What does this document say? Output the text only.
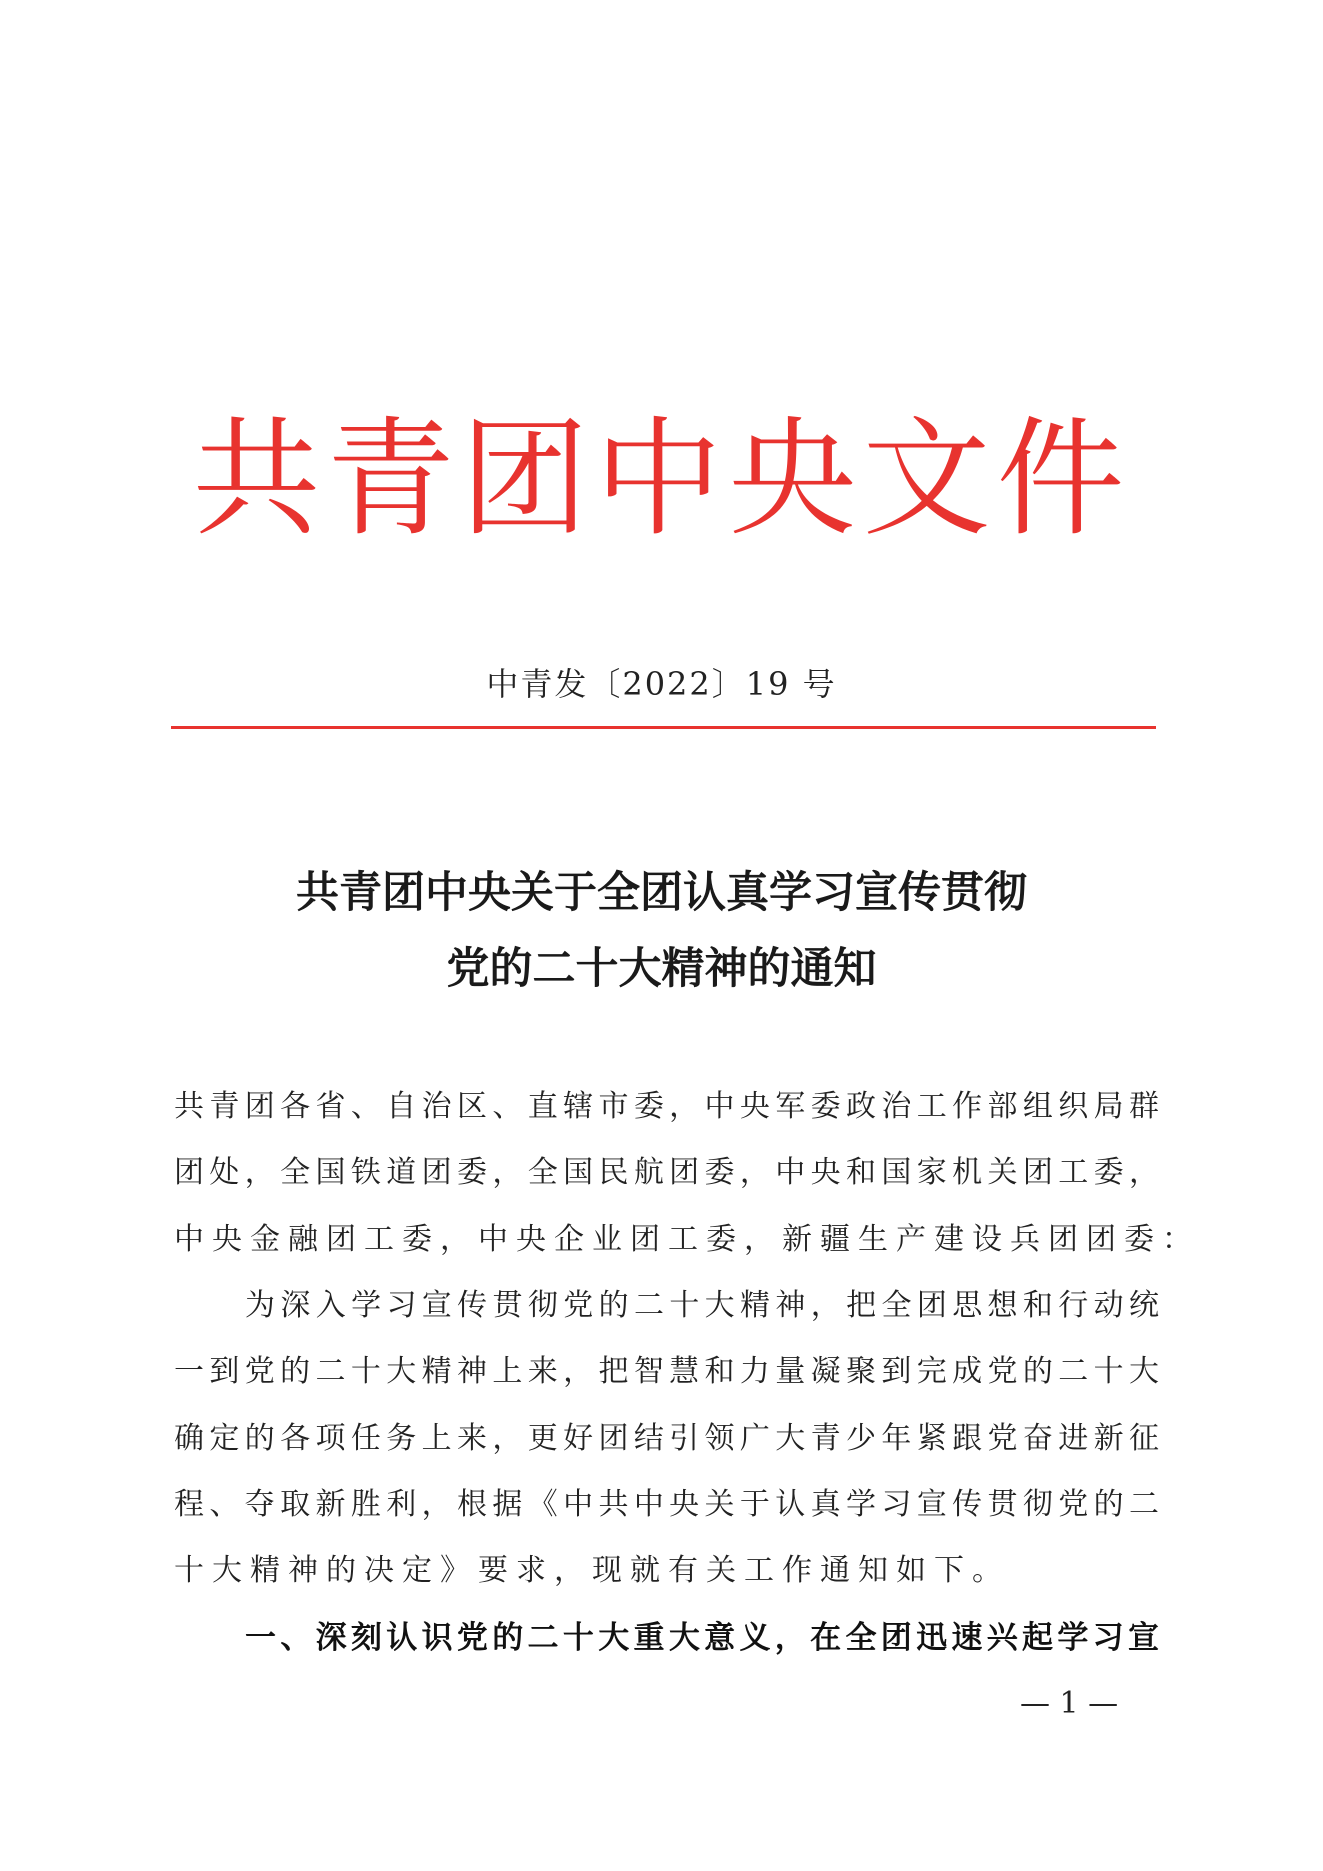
共青团中央文件
中青发〔2022〕19 号
共青团中央关于全团认真学习宣传贯彻
党的二十大精神的通知
共青团各省、自治区、直辖市委，中央军委政治工作部组织局群
团处，全国铁道团委，全国民航团委，中央和国家机关团工委，
中央金融团工委，中央企业团工委，新疆生产建设兵团团委：
为深入学习宣传贯彻党的二十大精神，把全团思想和行动统
一到党的二十大精神上来，把智慧和力量凝聚到完成党的二十大
确定的各项任务上来，更好团结引领广大青少年紧跟党奋进新征
程、夺取新胜利，根据《中共中央关于认真学习宣传贯彻党的二
十大精神的决定》要求，现就有关工作通知如下。
一、深刻认识党的二十大重大意义，在全团迅速兴起学习宣
— 1 —
